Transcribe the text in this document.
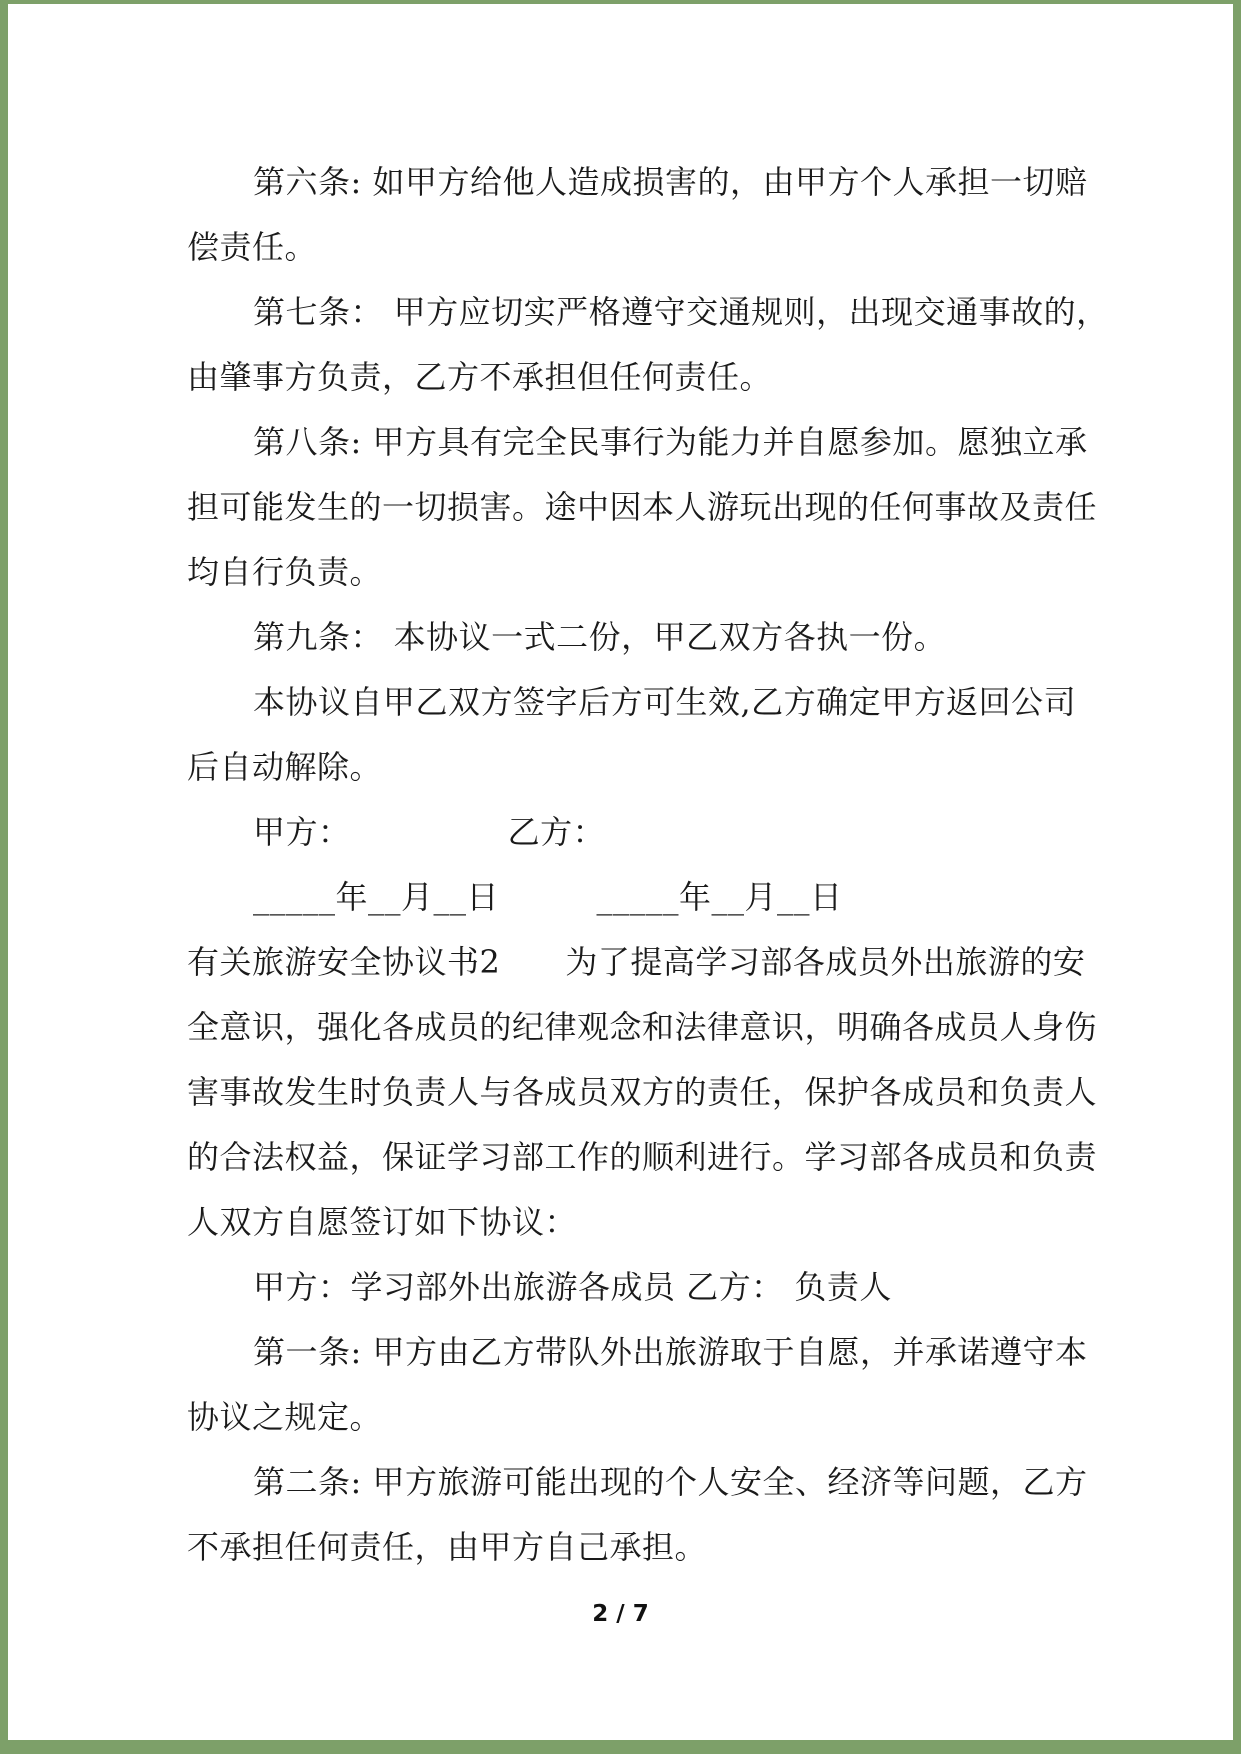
第六条: 如甲方给他人造成损害的，由甲方个人承担一切赔
偿责任。
第七条： 甲方应切实严格遵守交通规则，出现交通事故的，
由肇事方负责，乙方不承担但任何责任。
第八条: 甲方具有完全民事行为能力并自愿参加。愿独立承
担可能发生的一切损害。途中因本人游玩出现的任何事故及责任
均自行负责。
第九条： 本协议一式二份，甲乙双方各执一份。
本协议自甲乙双方签字后方可生效,乙方确定甲方返回公司
后自动解除。
甲方：　　　　　 乙方：
_____年__月__日　　　_____年__月__日
有关旅游安全协议书2　　为了提高学习部各成员外出旅游的安
全意识，强化各成员的纪律观念和法律意识，明确各成员人身伤
害事故发生时负责人与各成员双方的责任，保护各成员和负责人
的合法权益，保证学习部工作的顺利进行。学习部各成员和负责
人双方自愿签订如下协议：
甲方：学习部外出旅游各成员 乙方： 负责人
第一条: 甲方由乙方带队外出旅游取于自愿，并承诺遵守本
协议之规定。
第二条: 甲方旅游可能出现的个人安全、经济等问题，乙方
不承担任何责任，由甲方自己承担。
2 / 7
